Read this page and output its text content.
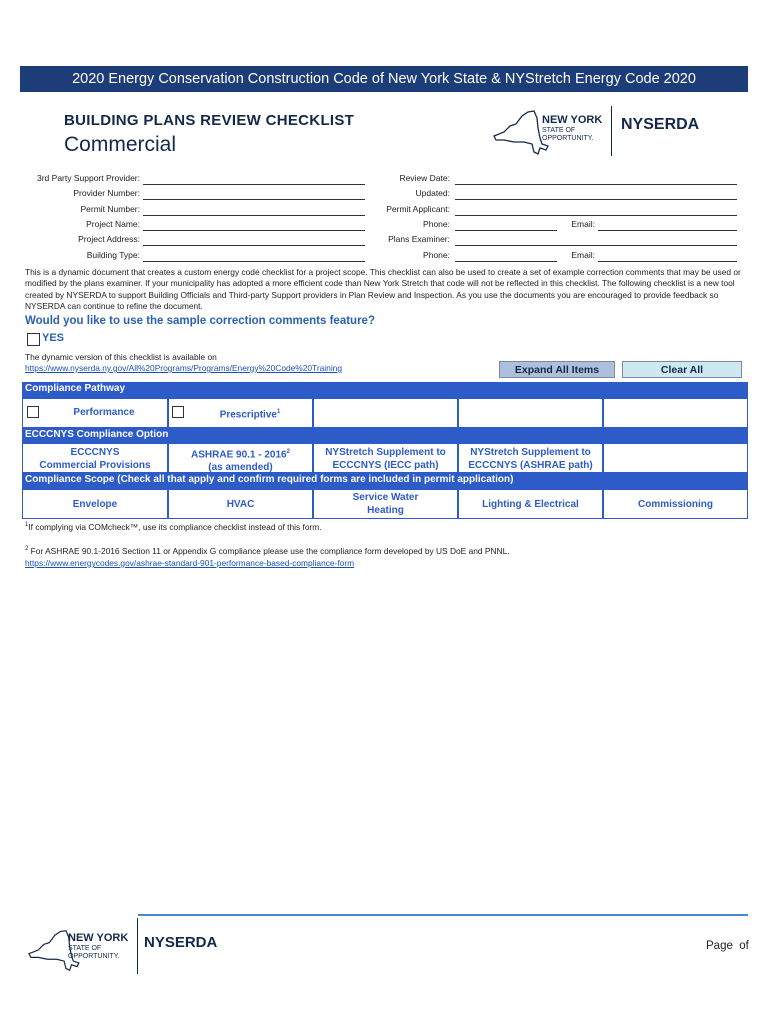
2020 Energy Conservation Construction Code of New York State & NYStretch Energy Code 2020
BUILDING PLANS REVIEW CHECKLIST
Commercial
NEW YORK
STATE OF
OPPORTUNITY.
NYSERDA
3rd Party Support Provider:
Provider Number:
Permit Number:
Project Name:
Project Address:
Building Type:
Review Date:
Updated:
Permit Applicant:
Phone:	Email:
Plans Examiner:
Phone:	Email:
This is a dynamic document that creates a custom energy code checklist for a project scope. This checklist can also be used to create a set of example correction comments that may be used or modified by the plans examiner. If your municipality has adopted a more efficient code than New York Stretch that code will not be reflected in this checklist. The following checklist is a new tool created by NYSERDA to support Building Officials and Third-party Support providers in Plan Review and Inspection. As you use the documents you are encouraged to provide feedback so NYSERDA can continue to refine the document.
Would you like to use the sample correction comments feature?
YES
The dynamic version of this checklist is available on
https://www.nyserda.ny.gov/All%20Programs/Programs/Energy%20Code%20Training	Expand All Items	Clear All
Compliance Pathway
Performance	Prescriptive$^1$
ECCCNYS Compliance Option
ECCCNYS
Commercial Provisions
ASHRAE 90.1 - 2016$^2$
(as amended)
NYStretch Supplement to
ECCCNYS (IECC path)
NYStretch Supplement to
ECCCNYS (ASHRAE path)
Compliance Scope (Check all that apply and confirm required forms are included in permit application)
Envelope	HVAC
Service Water
Heating
Lighting & Electrical	Commissioning
$^1$If complying via COMcheck™, use its compliance checklist instead of this form.
$^2$ For ASHRAE 90.1-2016 Section 11 or Appendix G compliance please use the compliance form developed by US DoE and PNNL.
https://www.energycodes.gov/ashrae-standard-901-performance-based-compliance-form
NEW YORK
STATE OF
OPPORTUNITY.
NYSERDA	Page  of
